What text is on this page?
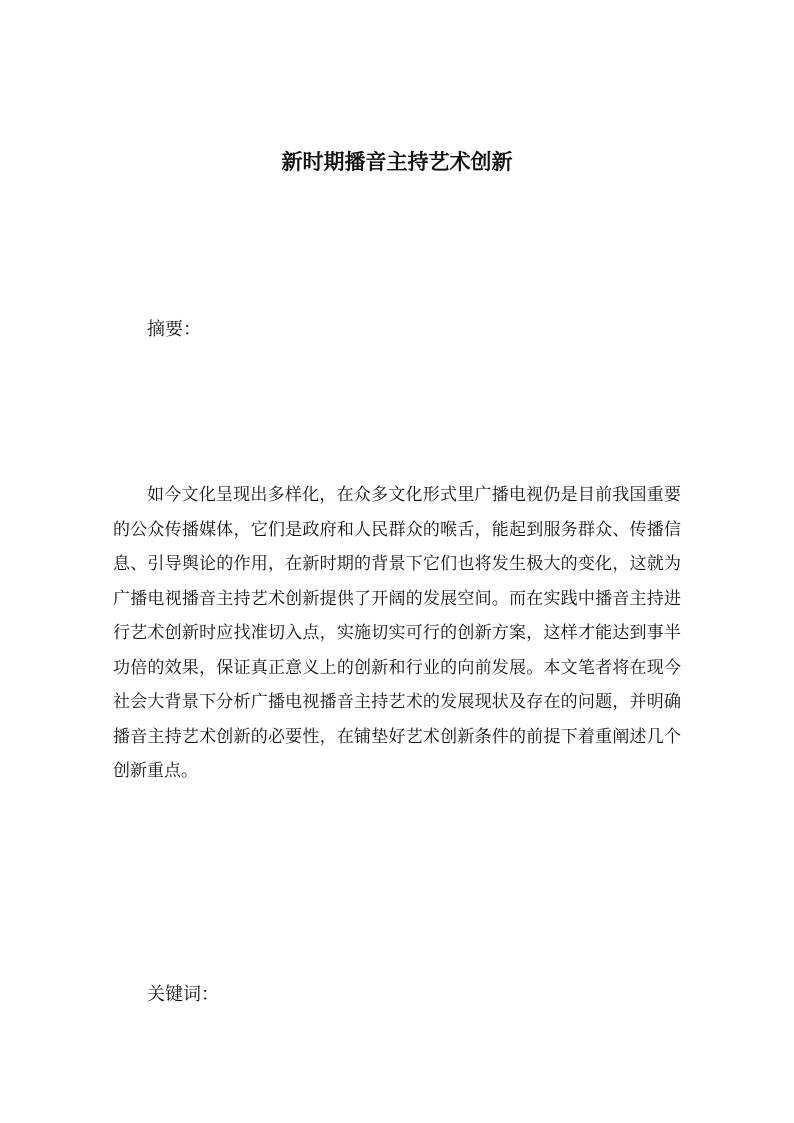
新时期播音主持艺术创新
摘要：

如今文化呈现出多样化，在众多文化形式里广播电视仍是目前我国重要的公众传播媒体，它们是政府和人民群众的喉舌，能起到服务群众、传播信息、引导舆论的作用，在新时期的背景下它们也将发生极大的变化，这就为广播电视播音主持艺术创新提供了开阔的发展空间。而在实践中播音主持进行艺术创新时应找准切入点，实施切实可行的创新方案，这样才能达到事半功倍的效果，保证真正意义上的创新和行业的向前发展。本文笔者将在现今社会大背景下分析广播电视播音主持艺术的发展现状及存在的问题，并明确播音主持艺术创新的必要性，在铺垫好艺术创新条件的前提下着重阐述几个创新重点。

关键词：
